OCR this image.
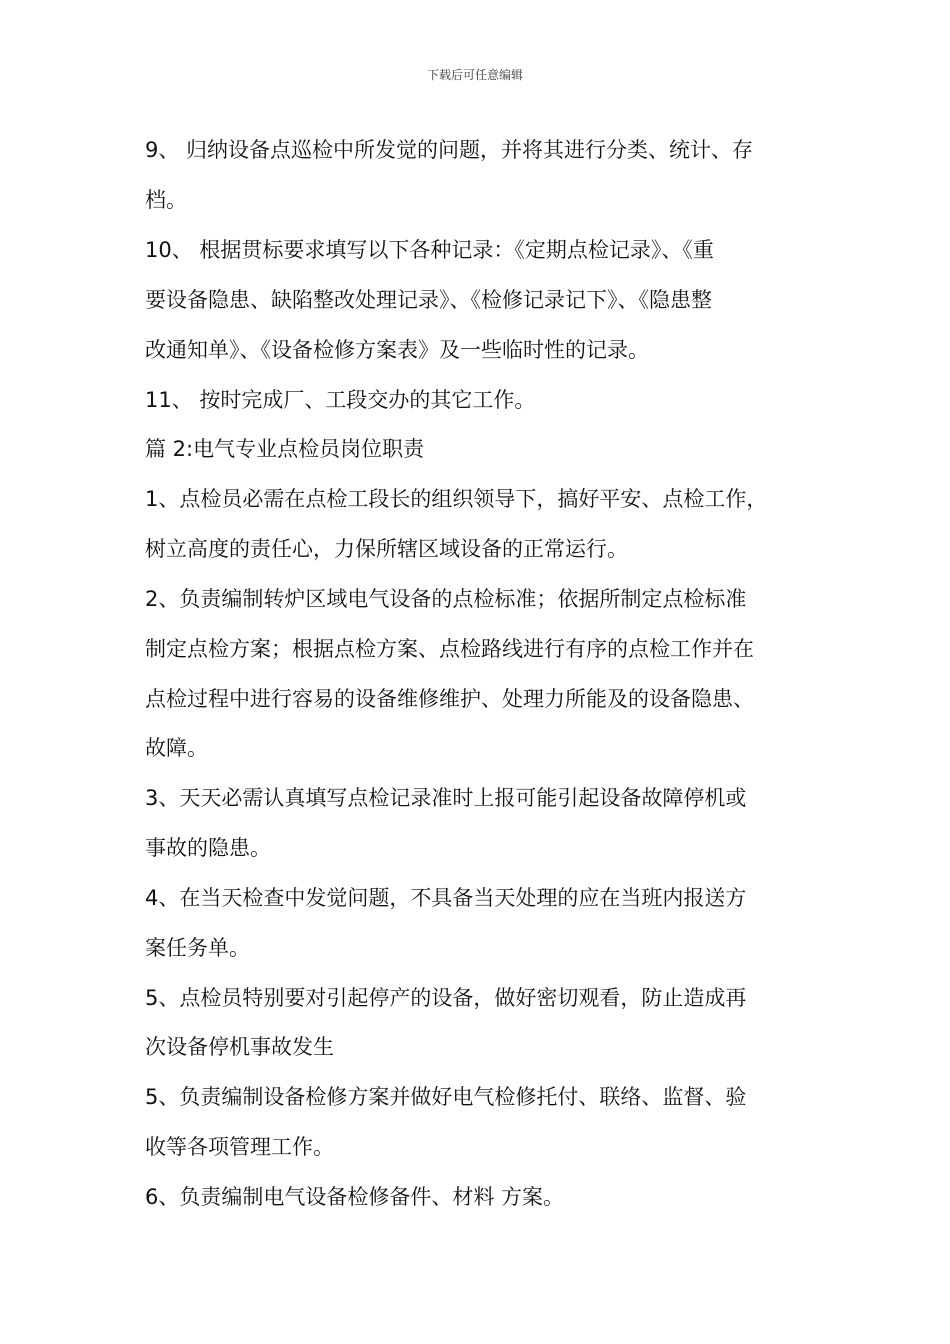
下载后可任意编辑
9、 归纳设备点巡检中所发觉的问题，并将其进行分类、统计、存
档。
10、 根据贯标要求填写以下各种记录：《定期点检记录》、《重
要设备隐患、缺陷整改处理记录》、《检修记录记下》、《隐患整
改通知单》、《设备检修方案表》及一些临时性的记录。
11、 按时完成厂、工段交办的其它工作。
篇 2:电气专业点检员岗位职责
1、点检员必需在点检工段长的组织领导下，搞好平安、点检工作，
树立高度的责任心，力保所辖区域设备的正常运行。
2、负责编制转炉区域电气设备的点检标准；依据所制定点检标准
制定点检方案；根据点检方案、点检路线进行有序的点检工作并在
点检过程中进行容易的设备维修维护、处理力所能及的设备隐患、
故障。
3、天天必需认真填写点检记录准时上报可能引起设备故障停机或
事故的隐患。
4、在当天检查中发觉问题，不具备当天处理的应在当班内报送方
案任务单。
5、点检员特别要对引起停产的设备，做好密切观看，防止造成再
次设备停机事故发生
5、负责编制设备检修方案并做好电气检修托付、联络、监督、验
收等各项管理工作。
6、负责编制电气设备检修备件、材料 方案。
